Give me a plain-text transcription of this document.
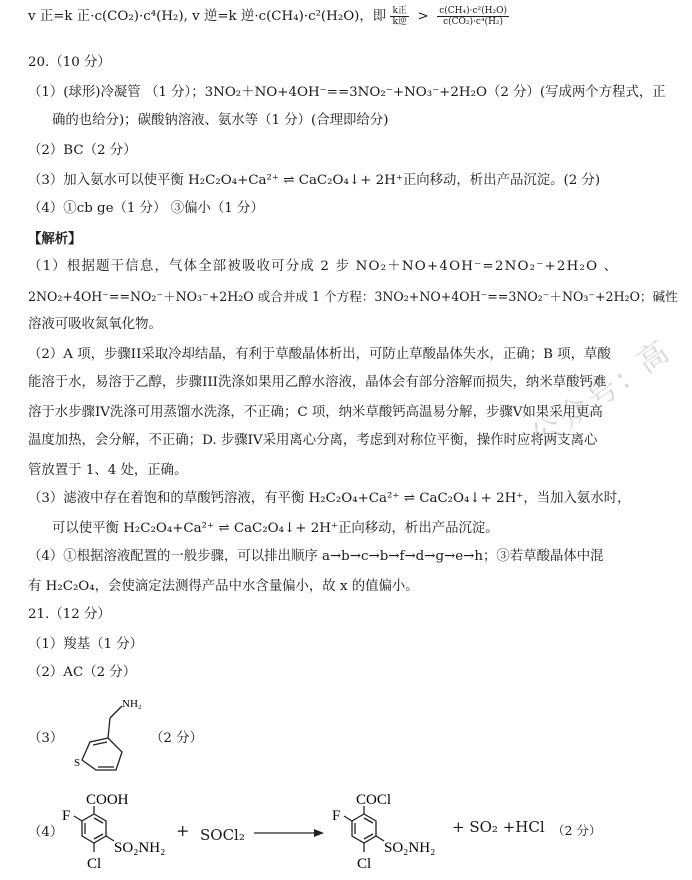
公众号: 高
v 正=k 正·c(CO₂)·c⁴(H₂), v 逆=k 逆·c(CH₄)·c²(H₂O)，即 $\frac{\text{k正}}{\text{k逆}} > \frac{\text{c(CH₄)·c²(H₂O)}}{\text{c(CO₂)·c⁴(H₂)}}$
20.（10 分）
（1）(球形)冷凝管 （1 分）；3NO₂＋NO+4OH⁻==3NO₂⁻+NO₃⁻+2H₂O（2 分）(写成两个方程式，正
确的也给分)；碳酸钠溶液、氨水等（1 分）(合理即给分)
（2）BC（2 分）
（3）加入氨水可以使平衡 H₂C₂O₄+Ca²⁺ ⇌ CaC₂O₄↓+ 2H⁺正向移动，析出产品沉淀。(2 分)
（4）①cb ge（1 分） ③偏小（1 分）
【解析】
（1）根据题干信息，气体全部被吸收可分成 2 步 NO₂＋NO+4OH⁻=2NO₂⁻+2H₂O 、
2NO₂+4OH⁻==NO₂⁻＋NO₃⁻+2H₂O 或合并成 1 个方程：3NO₂+NO+4OH⁻==3NO₂⁻＋NO₃⁻+2H₂O；碱性
溶液可吸收氮氧化物。
（2）A 项，步骤II采取冷却结晶，有利于草酸晶体析出，可防止草酸晶体失水，正确；B 项，草酸
能溶于水，易溶于乙醇，步骤III洗涤如果用乙醇水溶液，晶体会有部分溶解而损失，纳米草酸钙难
溶于水步骤IV洗涤可用蒸馏水洗涤，不正确；C 项，纳米草酸钙高温易分解，步骤V如果采用更高
温度加热，会分解，不正确；D. 步骤IV采用离心分离，考虑到对称位平衡，操作时应将两支离心
管放置于 1、4 处，正确。
（3）滤液中存在着饱和的草酸钙溶液，有平衡 H₂C₂O₄+Ca²⁺ ⇌ CaC₂O₄↓+ 2H⁺，当加入氨水时，
可以使平衡 H₂C₂O₄+Ca²⁺ ⇌ CaC₂O₄↓+ 2H⁺正向移动，析出产品沉淀。
（4）①根据溶液配置的一般步骤，可以排出顺序 a→b→c→b→f→d→g→e→h；③若草酸晶体中混
有 H₂C₂O₄，会使滴定法测得产品中水含量偏小，故 x 的值偏小。
21.（12 分）
（1）羧基（1 分）
（2）AC（2 分）
（3）	（2 分）
NH₂
S
（4）
COOH
F
SO₂NH₂
Cl
+ SOCl₂
COCl
F
SO₂NH₂
Cl
+ SO₂ +HCl （2 分）
